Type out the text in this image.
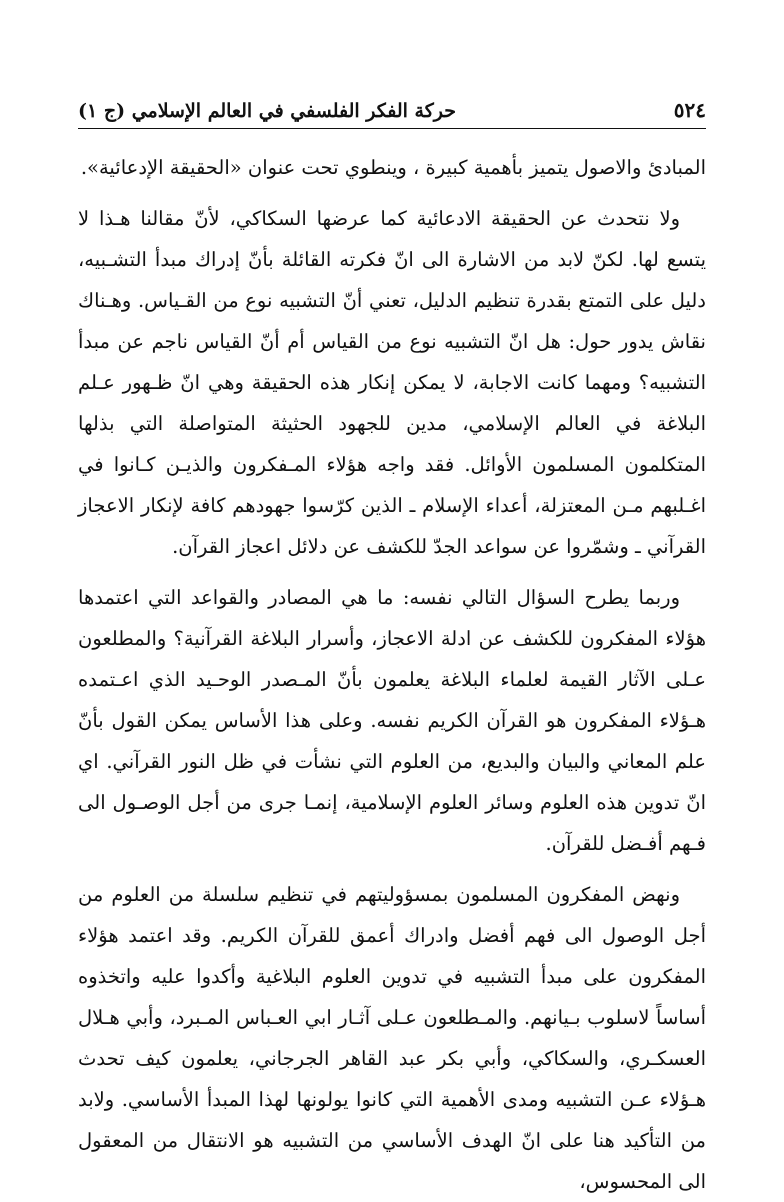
٥٢٤
حركة الفكر الفلسفي في العالم الإسلامي (ج ١)

المبادئ والاصول يتميز بأهمية كبيرة ، وينطوي تحت عنوان «الحقيقة الإدعائية».

ولا نتحدث عن الحقيقة الادعائية كما عرضها السكاكي، لأنّ مقالنا هـذا لا يتسع لها. لكنّ لابد من الاشارة الى انّ فكرته القائلة بأنّ إدراك مبدأ التشـبيه، دليل على التمتع بقدرة تنظيم الدليل، تعني أنّ التشبيه نوع من القـياس. وهـناك نقاش يدور حول: هل انّ التشبيه نوع من القياس أم أنّ القياس ناجم عن مبدأ التشبيه؟ ومهما كانت الاجابة، لا يمكن إنكار هذه الحقيقة وهي انّ ظـهور عـلم البلاغة في العالم الإسلامي، مدين للجهود الحثيثة المتواصلة التي بذلها المتكلمون المسلمون الأوائل. فقد واجه هؤلاء المـفكرون والذيـن كـانوا في اغـلبهم مـن المعتزلة، أعداء الإسلام ـ الذين كرّسوا جهودهم كافة لإنكار الاعجاز القرآني ـ وشمّروا عن سواعد الجدّ للكشف عن دلائل اعجاز القرآن.

وربما يطرح السؤال التالي نفسه: ما هي المصادر والقواعد التي اعتمدها هؤلاء المفكرون للكشف عن ادلة الاعجاز، وأسرار البلاغة القرآنية؟ والمطلعون عـلى الآثار القيمة لعلماء البلاغة يعلمون بأنّ المـصدر الوحـيد الذي اعـتمده هـؤلاء المفكرون هو القرآن الكريم نفسه. وعلى هذا الأساس يمكن القول بأنّ علم المعاني والبيان والبديع، من العلوم التي نشأت في ظل النور القرآني. اي انّ تدوين هذه العلوم وسائر العلوم الإسلامية، إنمـا جرى من أجل الوصـول الى فـهم أفـضل للقرآن.

ونهض المفكرون المسلمون بمسؤوليتهم في تنظيم سلسلة من العلوم من أجل الوصول الى فهم أفضل وادراك أعمق للقرآن الكريم. وقد اعتمد هؤلاء المفكرون على مبدأ التشبيه في تدوين العلوم البلاغية وأكدوا عليه واتخذوه أساساً لاسلوب بـيانهم. والمـطلعون عـلى آثـار ابي العـباس المـبرد، وأبي هـلال العسكـري، والسكاكي، وأبي بكر عبد القاهر الجرجاني، يعلمون كيف تحدث هـؤلاء عـن التشبيه ومدى الأهمية التي كانوا يولونها لهذا المبدأ الأساسي. ولابد من التأكيد هنا على انّ الهدف الأساسي من التشبيه هو الانتقال من المعقول الى المحسوس،
